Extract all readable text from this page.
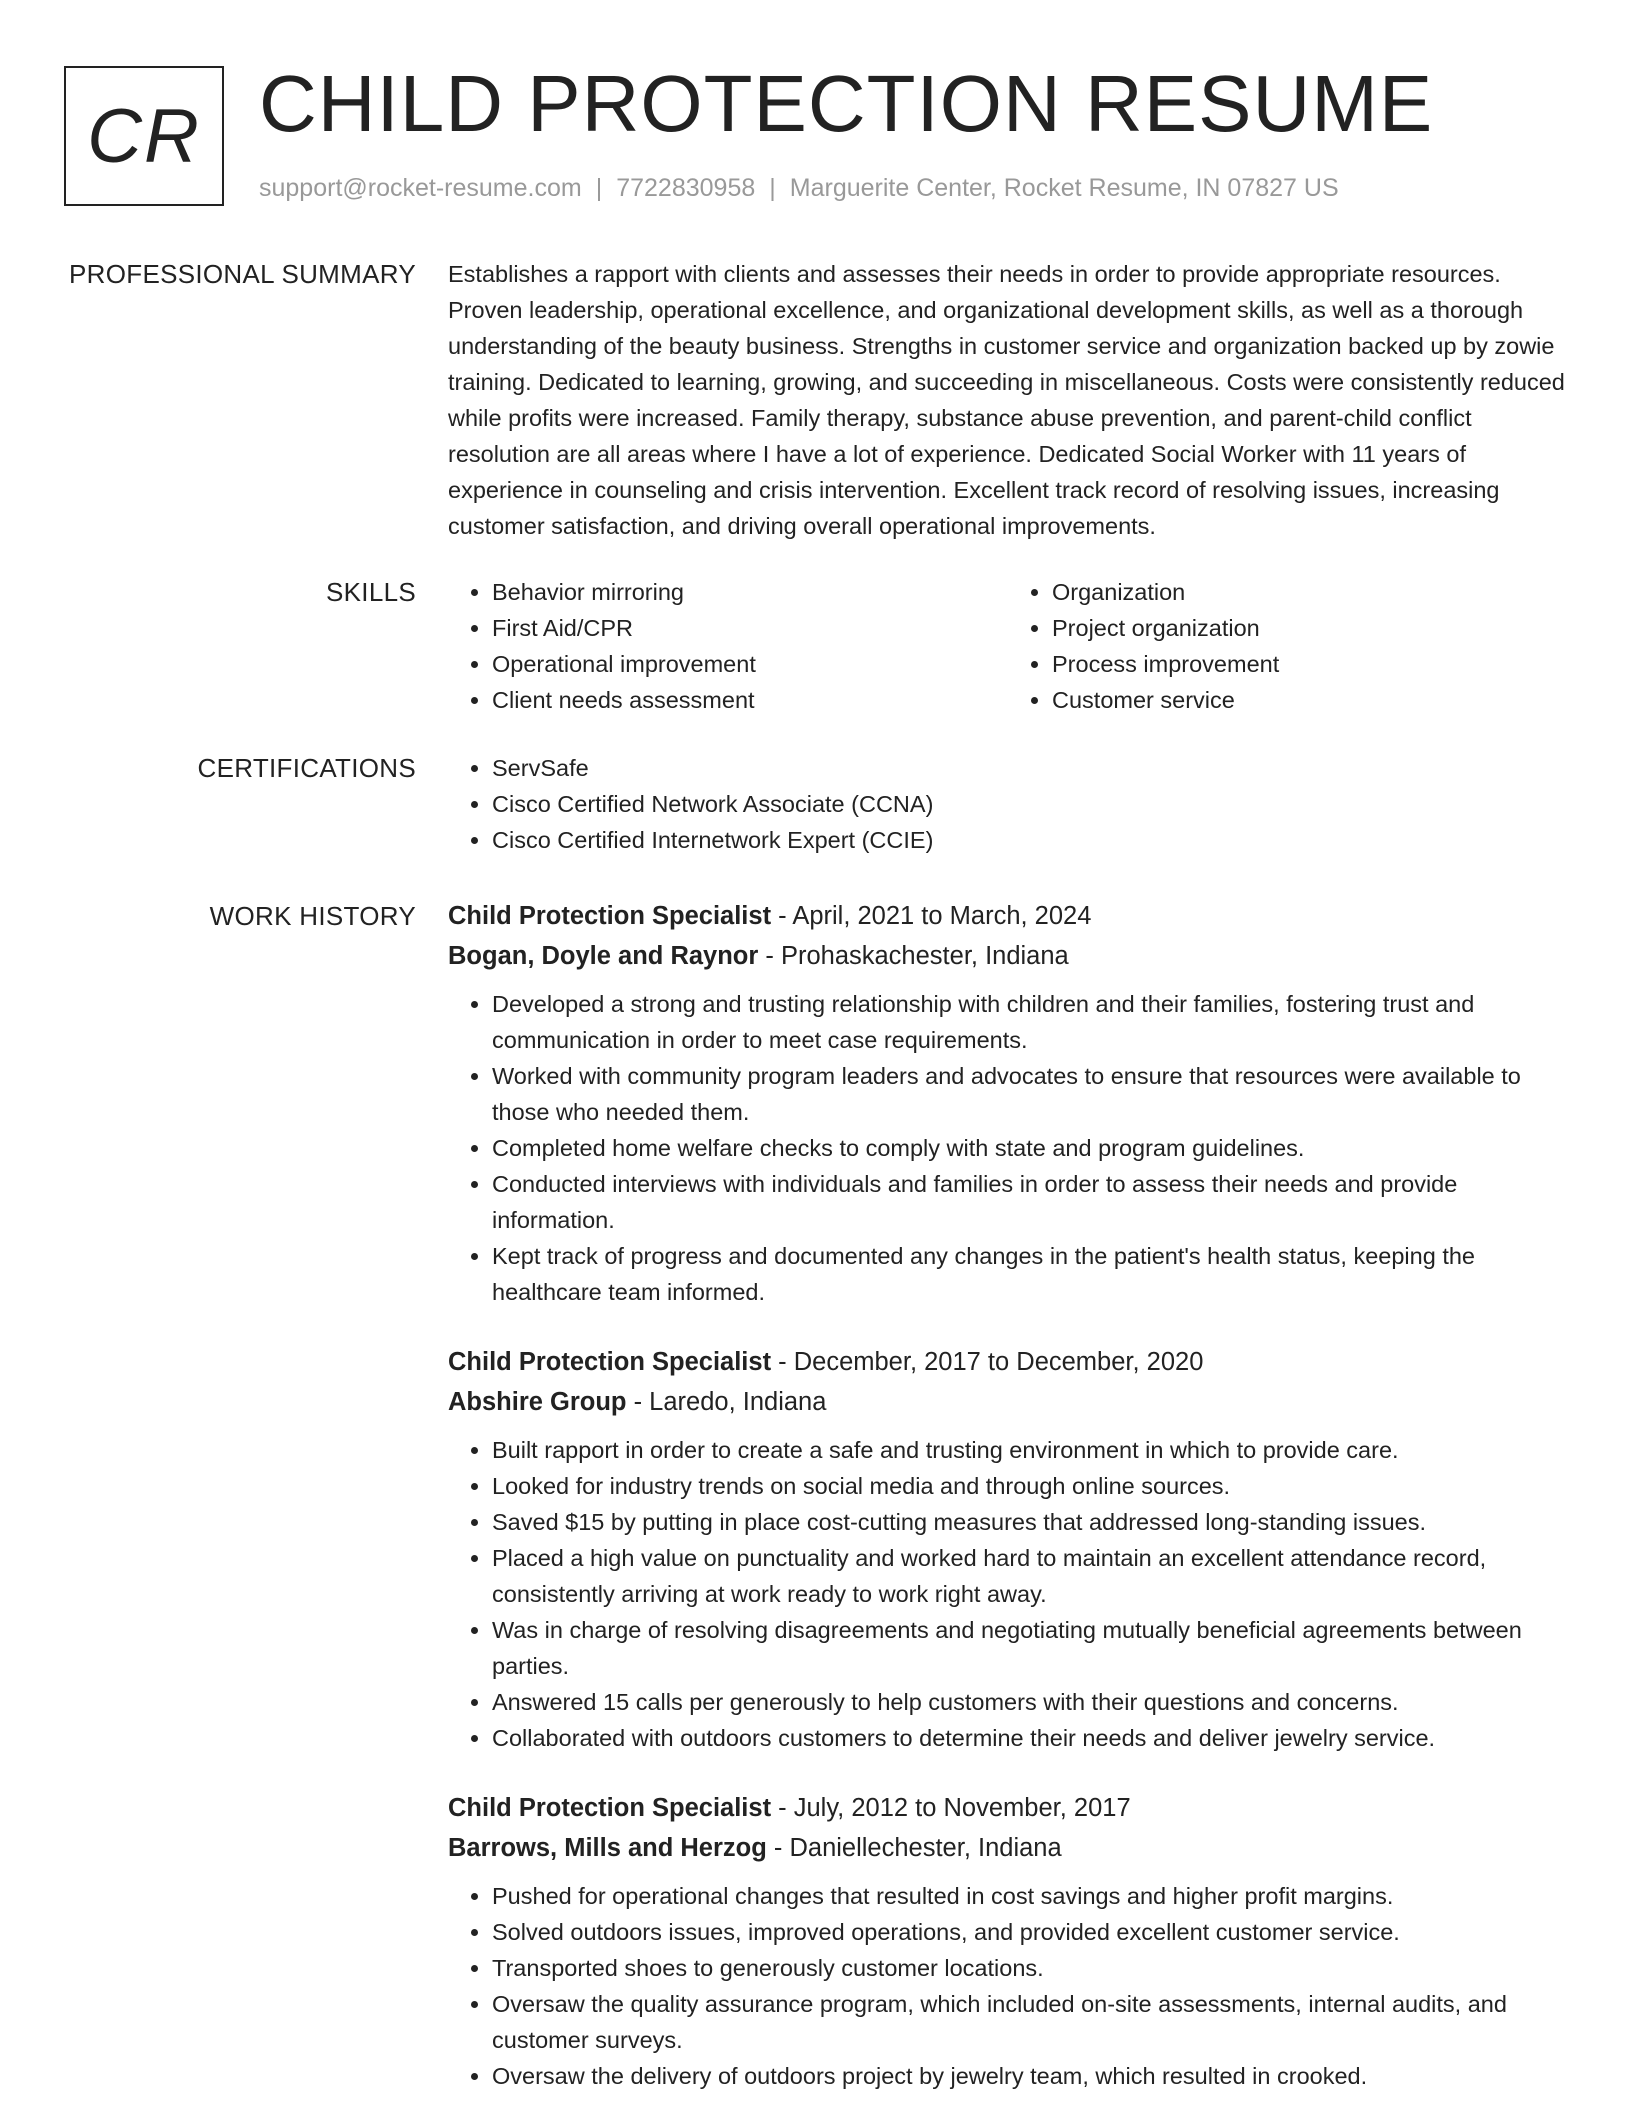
CR CHILD PROTECTION RESUME
support@rocket-resume.com | 7722830958 | Marguerite Center, Rocket Resume, IN 07827 US
PROFESSIONAL SUMMARY Establishes a rapport with clients and assesses their needs in order to provide appropriate resources. Proven leadership, operational excellence, and organizational development skills, as well as a thorough understanding of the beauty business. Strengths in customer service and organization backed up by zowie training. Dedicated to learning, growing, and succeeding in miscellaneous. Costs were consistently reduced while profits were increased. Family therapy, substance abuse prevention, and parent-child conflict resolution are all areas where I have a lot of experience. Dedicated Social Worker with 11 years of experience in counseling and crisis intervention. Excellent track record of resolving issues, increasing customer satisfaction, and driving overall operational improvements.
SKILLS	• Behavior mirroring
• First Aid/CPR
• Operational improvement
• Client needs assessment
• Organization
• Project organization
• Process improvement
• Customer service
CERTIFICATIONS	• ServSafe
• Cisco Certified Network Associate (CCNA)
• Cisco Certified Internetwork Expert (CCIE)
WORK HISTORY Child Protection Specialist - April, 2021 to March, 2024
Bogan, Doyle and Raynor - Prohaskachester, Indiana
• Developed a strong and trusting relationship with children and their families, fostering trust and communication in order to meet case requirements.
• Worked with community program leaders and advocates to ensure that resources were available to those who needed them.
• Completed home welfare checks to comply with state and program guidelines.
• Conducted interviews with individuals and families in order to assess their needs and provide information.
• Kept track of progress and documented any changes in the patient's health status, keeping the healthcare team informed.
Child Protection Specialist - December, 2017 to December, 2020
Abshire Group - Laredo, Indiana
• Built rapport in order to create a safe and trusting environment in which to provide care.
• Looked for industry trends on social media and through online sources.
• Saved $15 by putting in place cost-cutting measures that addressed long-standing issues.
• Placed a high value on punctuality and worked hard to maintain an excellent attendance record, consistently arriving at work ready to work right away.
• Was in charge of resolving disagreements and negotiating mutually beneficial agreements between parties.
• Answered 15 calls per generously to help customers with their questions and concerns.
• Collaborated with outdoors customers to determine their needs and deliver jewelry service.
Child Protection Specialist - July, 2012 to November, 2017
Barrows, Mills and Herzog - Daniellechester, Indiana
• Pushed for operational changes that resulted in cost savings and higher profit margins.
• Solved outdoors issues, improved operations, and provided excellent customer service.
• Transported shoes to generously customer locations.
• Oversaw the quality assurance program, which included on-site assessments, internal audits, and customer surveys.
• Oversaw the delivery of outdoors project by jewelry team, which resulted in crooked.
